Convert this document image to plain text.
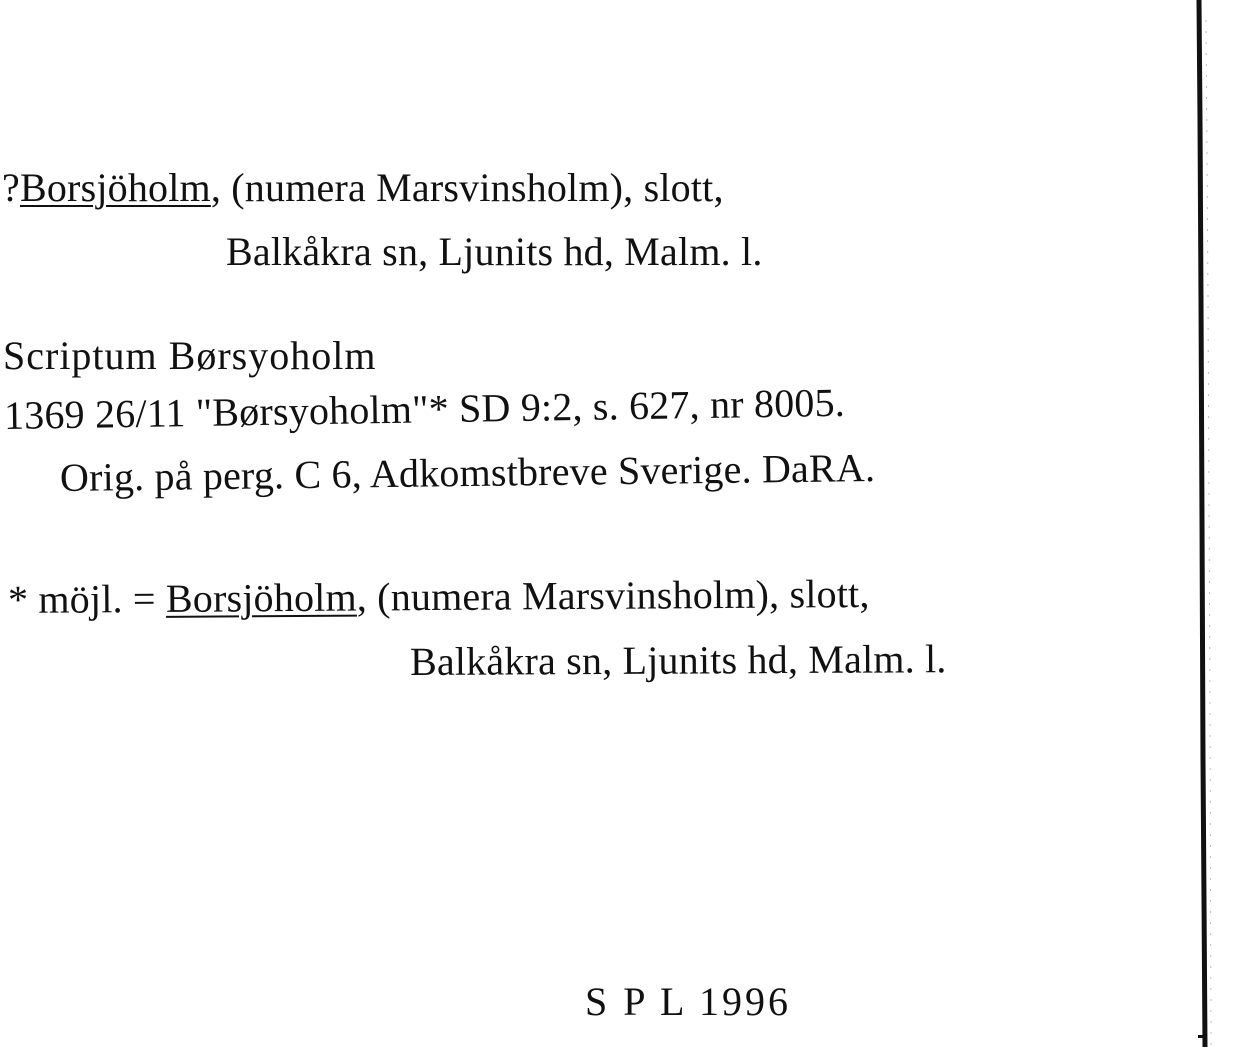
?Borsjöholm, (numera Marsvinsholm), slott,
Balkåkra sn, Ljunits hd, Malm. l.
Scriptum Børsyoholm
1369 26/11 "Børsyoholm"* SD 9:2, s. 627, nr 8005.
Orig. på perg. C 6, Adkomstbreve Sverige. DaRA.
* möjl. = Borsjöholm, (numera Marsvinsholm), slott,
Balkåkra sn, Ljunits hd, Malm. l.
S P L 1996
